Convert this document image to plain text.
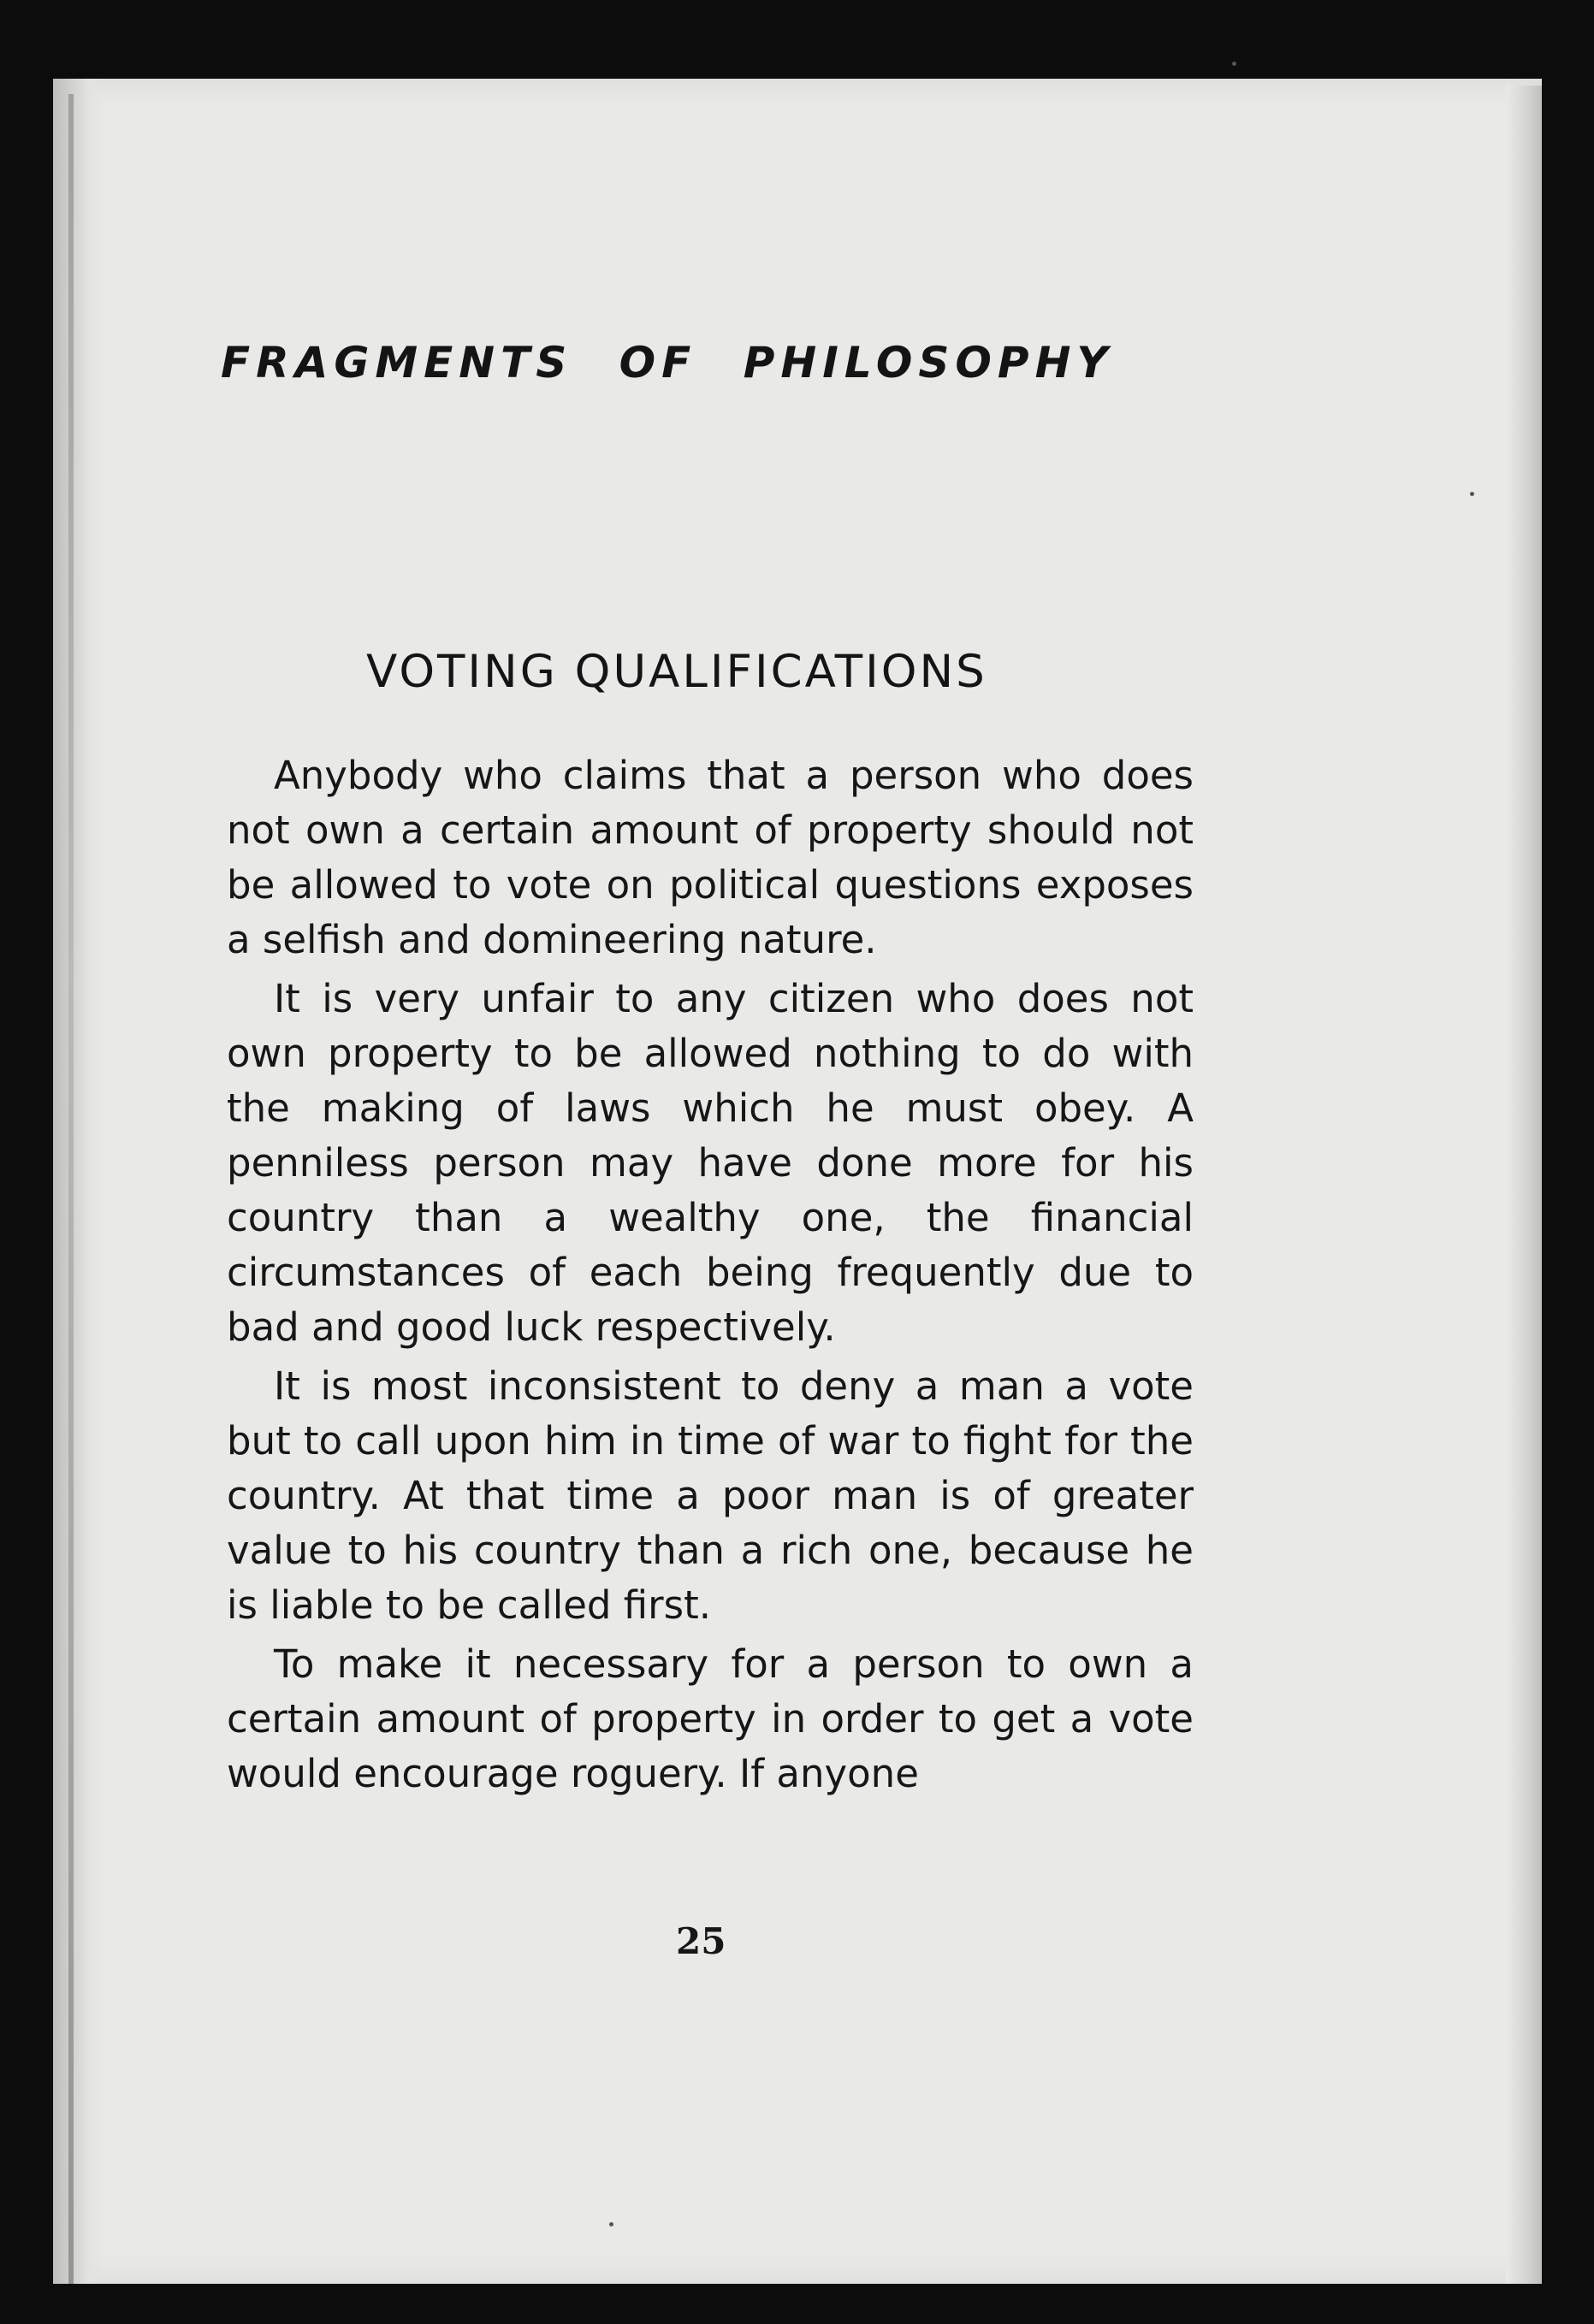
FRAGMENTS OF PHILOSOPHY
VOTING QUALIFICATIONS

Anybody who claims that a person who does not own a certain amount of property should not be allowed to vote on political questions exposes a selfish and domineering nature.

It is very unfair to any citizen who does not own property to be allowed nothing to do with the making of laws which he must obey. A penniless person may have done more for his country than a wealthy one, the financial circumstances of each being frequently due to bad and good luck respectively.

It is most inconsistent to deny a man a vote but to call upon him in time of war to fight for the country. At that time a poor man is of greater value to his country than a rich one, because he is liable to be called first.

To make it necessary for a person to own a certain amount of property in order to get a vote would encourage roguery. If anyone

25
